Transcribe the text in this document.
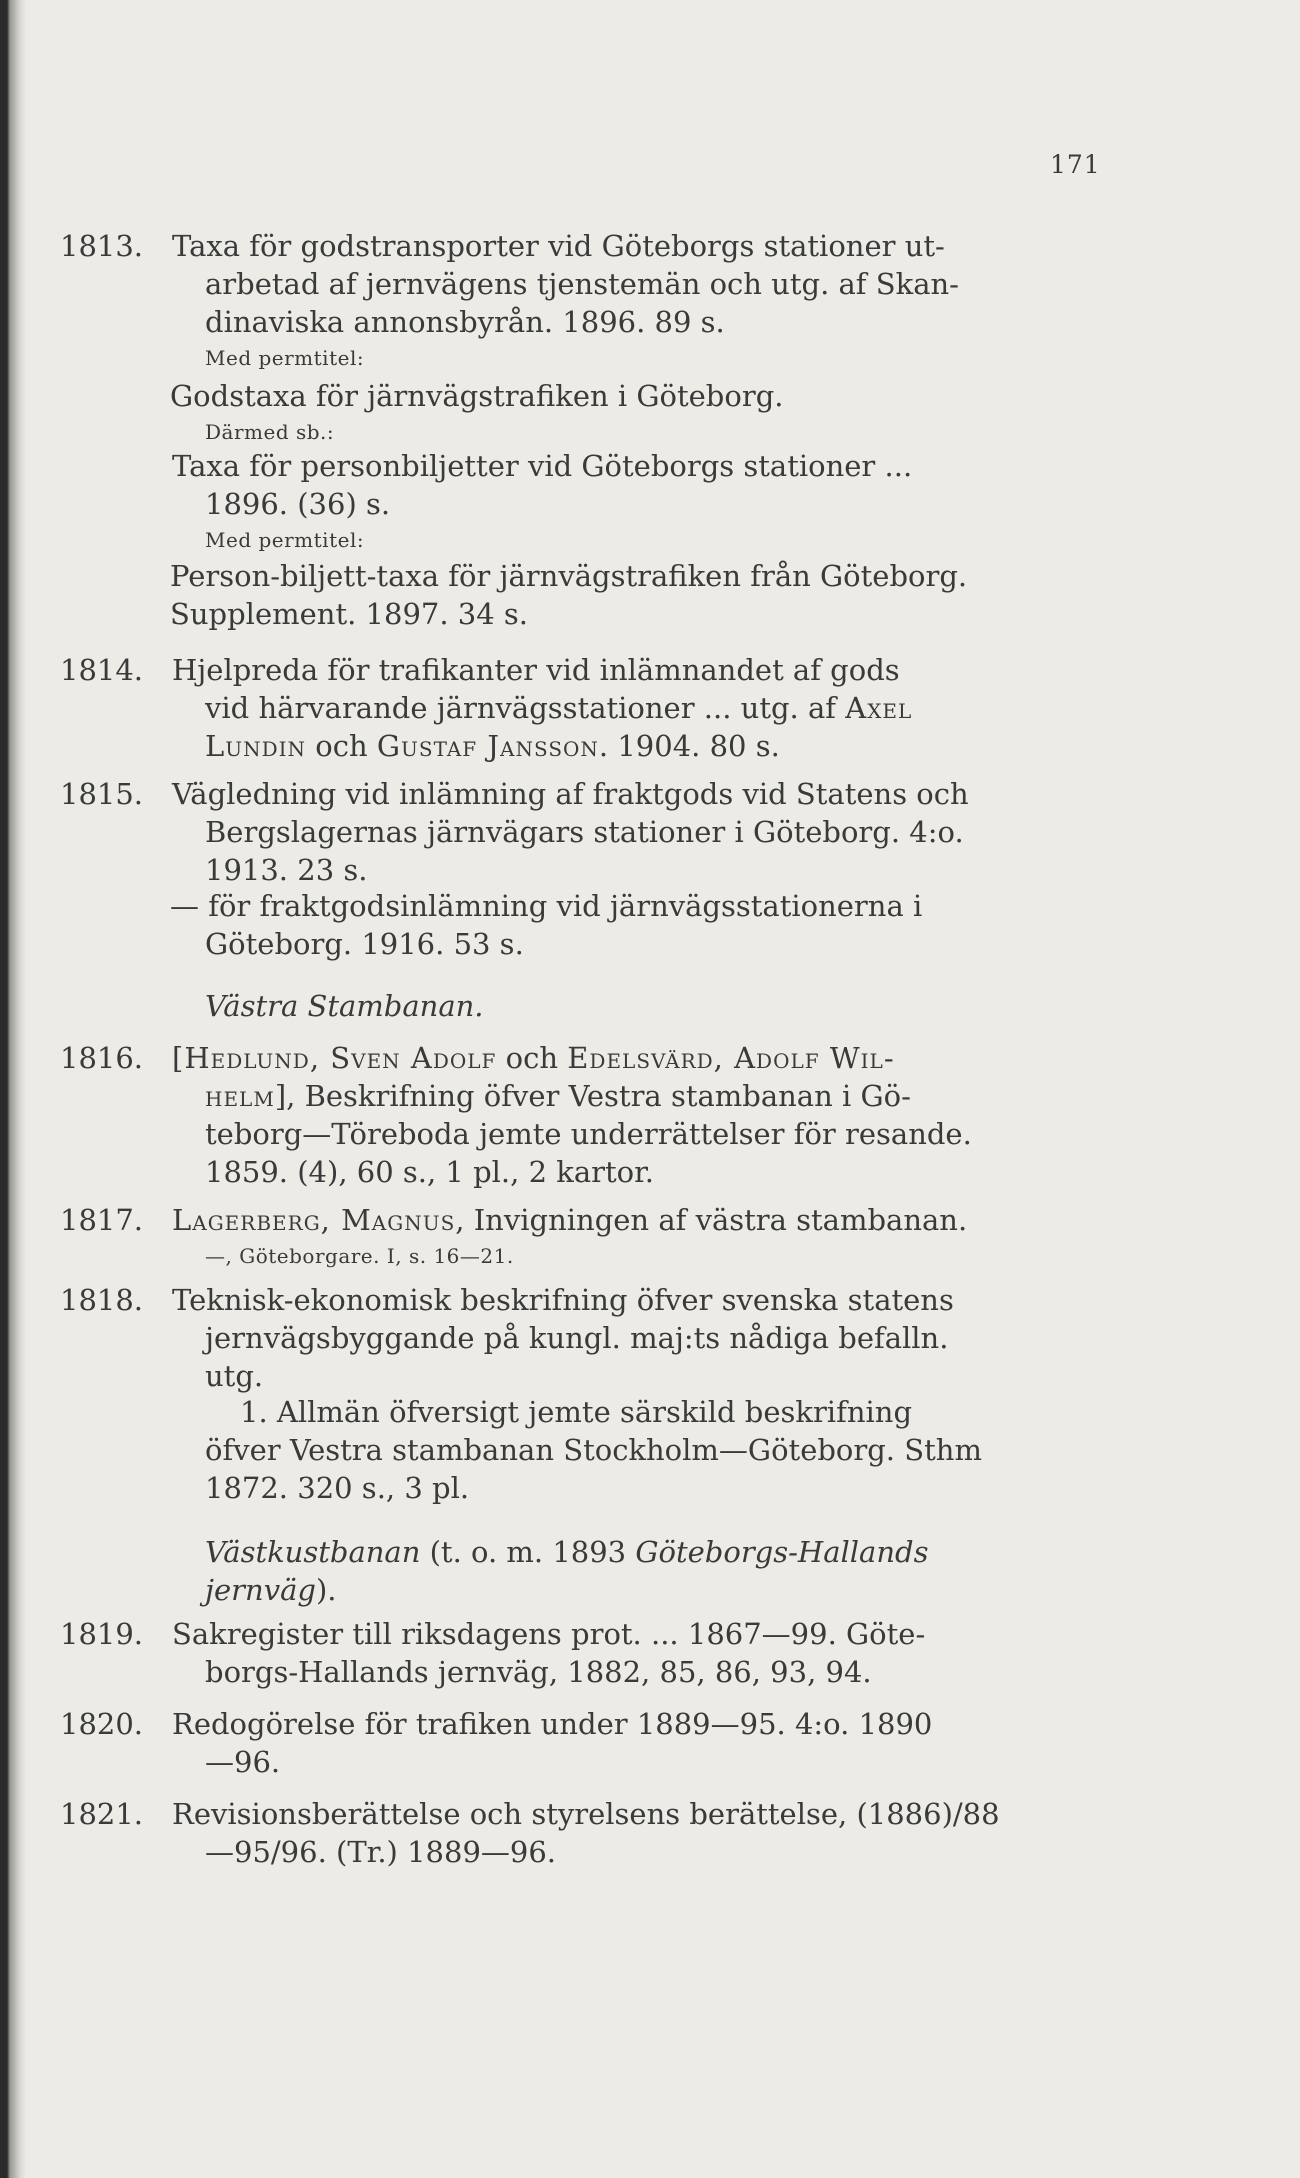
171
1813. Taxa för godstransporter vid Göteborgs stationer ut-
arbetad af jernvägens tjenstemän och utg. af Skan-
dinaviska annonsbyrån. 1896. 89 s.
Med permtitel:
Godstaxa för järnvägstrafiken i Göteborg.
Därmed sb.:
Taxa för personbiljetter vid Göteborgs stationer ...
1896. (36) s.
Med permtitel:
Person-biljett-taxa för järnvägstrafiken från Göteborg.
Supplement. 1897. 34 s.
1814. Hjelpreda för trafikanter vid inlämnandet af gods
vid härvarande järnvägsstationer ... utg. af Axel
Lundin och Gustaf Jansson. 1904. 80 s.
1815. Vägledning vid inlämning af fraktgods vid Statens och
Bergslagernas järnvägars stationer i Göteborg. 4:o.
1913. 23 s.
— för fraktgodsinlämning vid järnvägsstationerna i
Göteborg. 1916. 53 s.
Västra Stambanan.
1816. [Hedlund, Sven Adolf och Edelsvärd, Adolf Wil-
helm], Beskrifning öfver Vestra stambanan i Gö-
teborg—Töreboda jemte underrättelser för resande.
1859. (4), 60 s., 1 pl., 2 kartor.
1817. Lagerberg, Magnus, Invigningen af västra stambanan.
—, Göteborgare. I, s. 16—21.
1818. Teknisk-ekonomisk beskrifning öfver svenska statens
jernvägsbyggande på kungl. maj:ts nådiga befalln.
utg.
1. Allmän öfversigt jemte särskild beskrifning
öfver Vestra stambanan Stockholm—Göteborg. Sthm
1872. 320 s., 3 pl.
Västkustbanan (t. o. m. 1893 Göteborgs-Hallands
jernväg).
1819. Sakregister till riksdagens prot. ... 1867—99. Göte-
borgs-Hallands jernväg, 1882, 85, 86, 93, 94.
1820. Redogörelse för trafiken under 1889—95. 4:o. 1890
—96.
1821. Revisionsberättelse och styrelsens berättelse, (1886)/88
—95/96. (Tr.) 1889—96.
